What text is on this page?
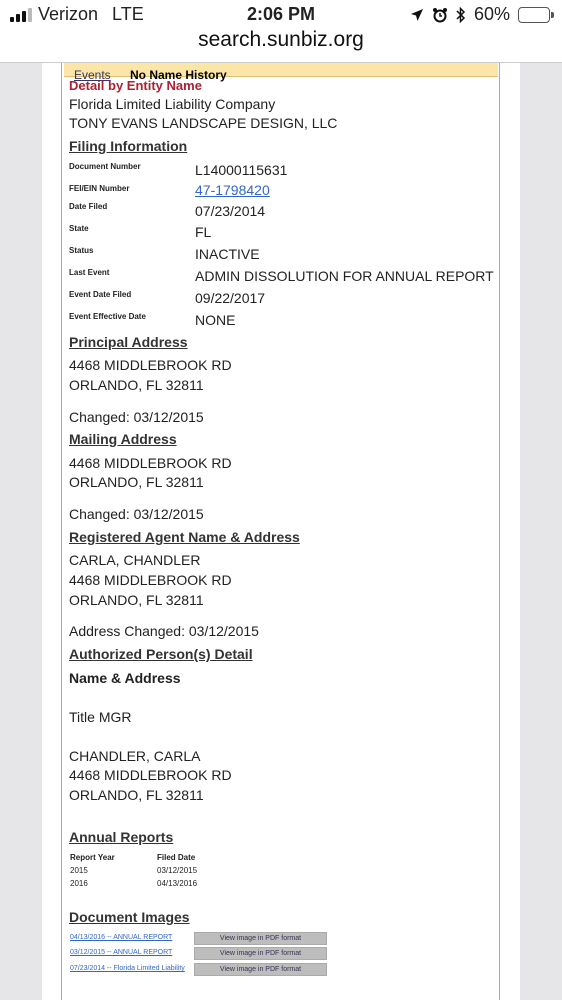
Verizon LTE	2:06 PM	60%
search.sunbiz.org
Events No Name History
Detail by Entity Name
Florida Limited Liability Company
TONY EVANS LANDSCAPE DESIGN, LLC
Filing Information
Document Number	L14000115631
FEI/EIN Number	47-1798420
Date Filed	07/23/2014
State	FL
Status	INACTIVE
Last Event	ADMIN DISSOLUTION FOR ANNUAL REPORT
Event Date Filed	09/22/2017
Event Effective Date	NONE
Principal Address
4468 MIDDLEBROOK RD
ORLANDO, FL 32811
Changed: 03/12/2015
Mailing Address
4468 MIDDLEBROOK RD
ORLANDO, FL 32811
Changed: 03/12/2015
Registered Agent Name & Address
CARLA, CHANDLER
4468 MIDDLEBROOK RD
ORLANDO, FL 32811
Address Changed: 03/12/2015
Authorized Person(s) Detail
Name & Address
Title MGR
CHANDLER, CARLA
4468 MIDDLEBROOK RD
ORLANDO, FL 32811
Annual Reports
Report Year	Filed Date
2015	03/12/2015
2016	04/13/2016
Document Images
04/13/2016 -- ANNUAL REPORT	View image in PDF format
03/12/2015 -- ANNUAL REPORT	View image in PDF format
07/23/2014 -- Florida Limited Liability	View image in PDF format
